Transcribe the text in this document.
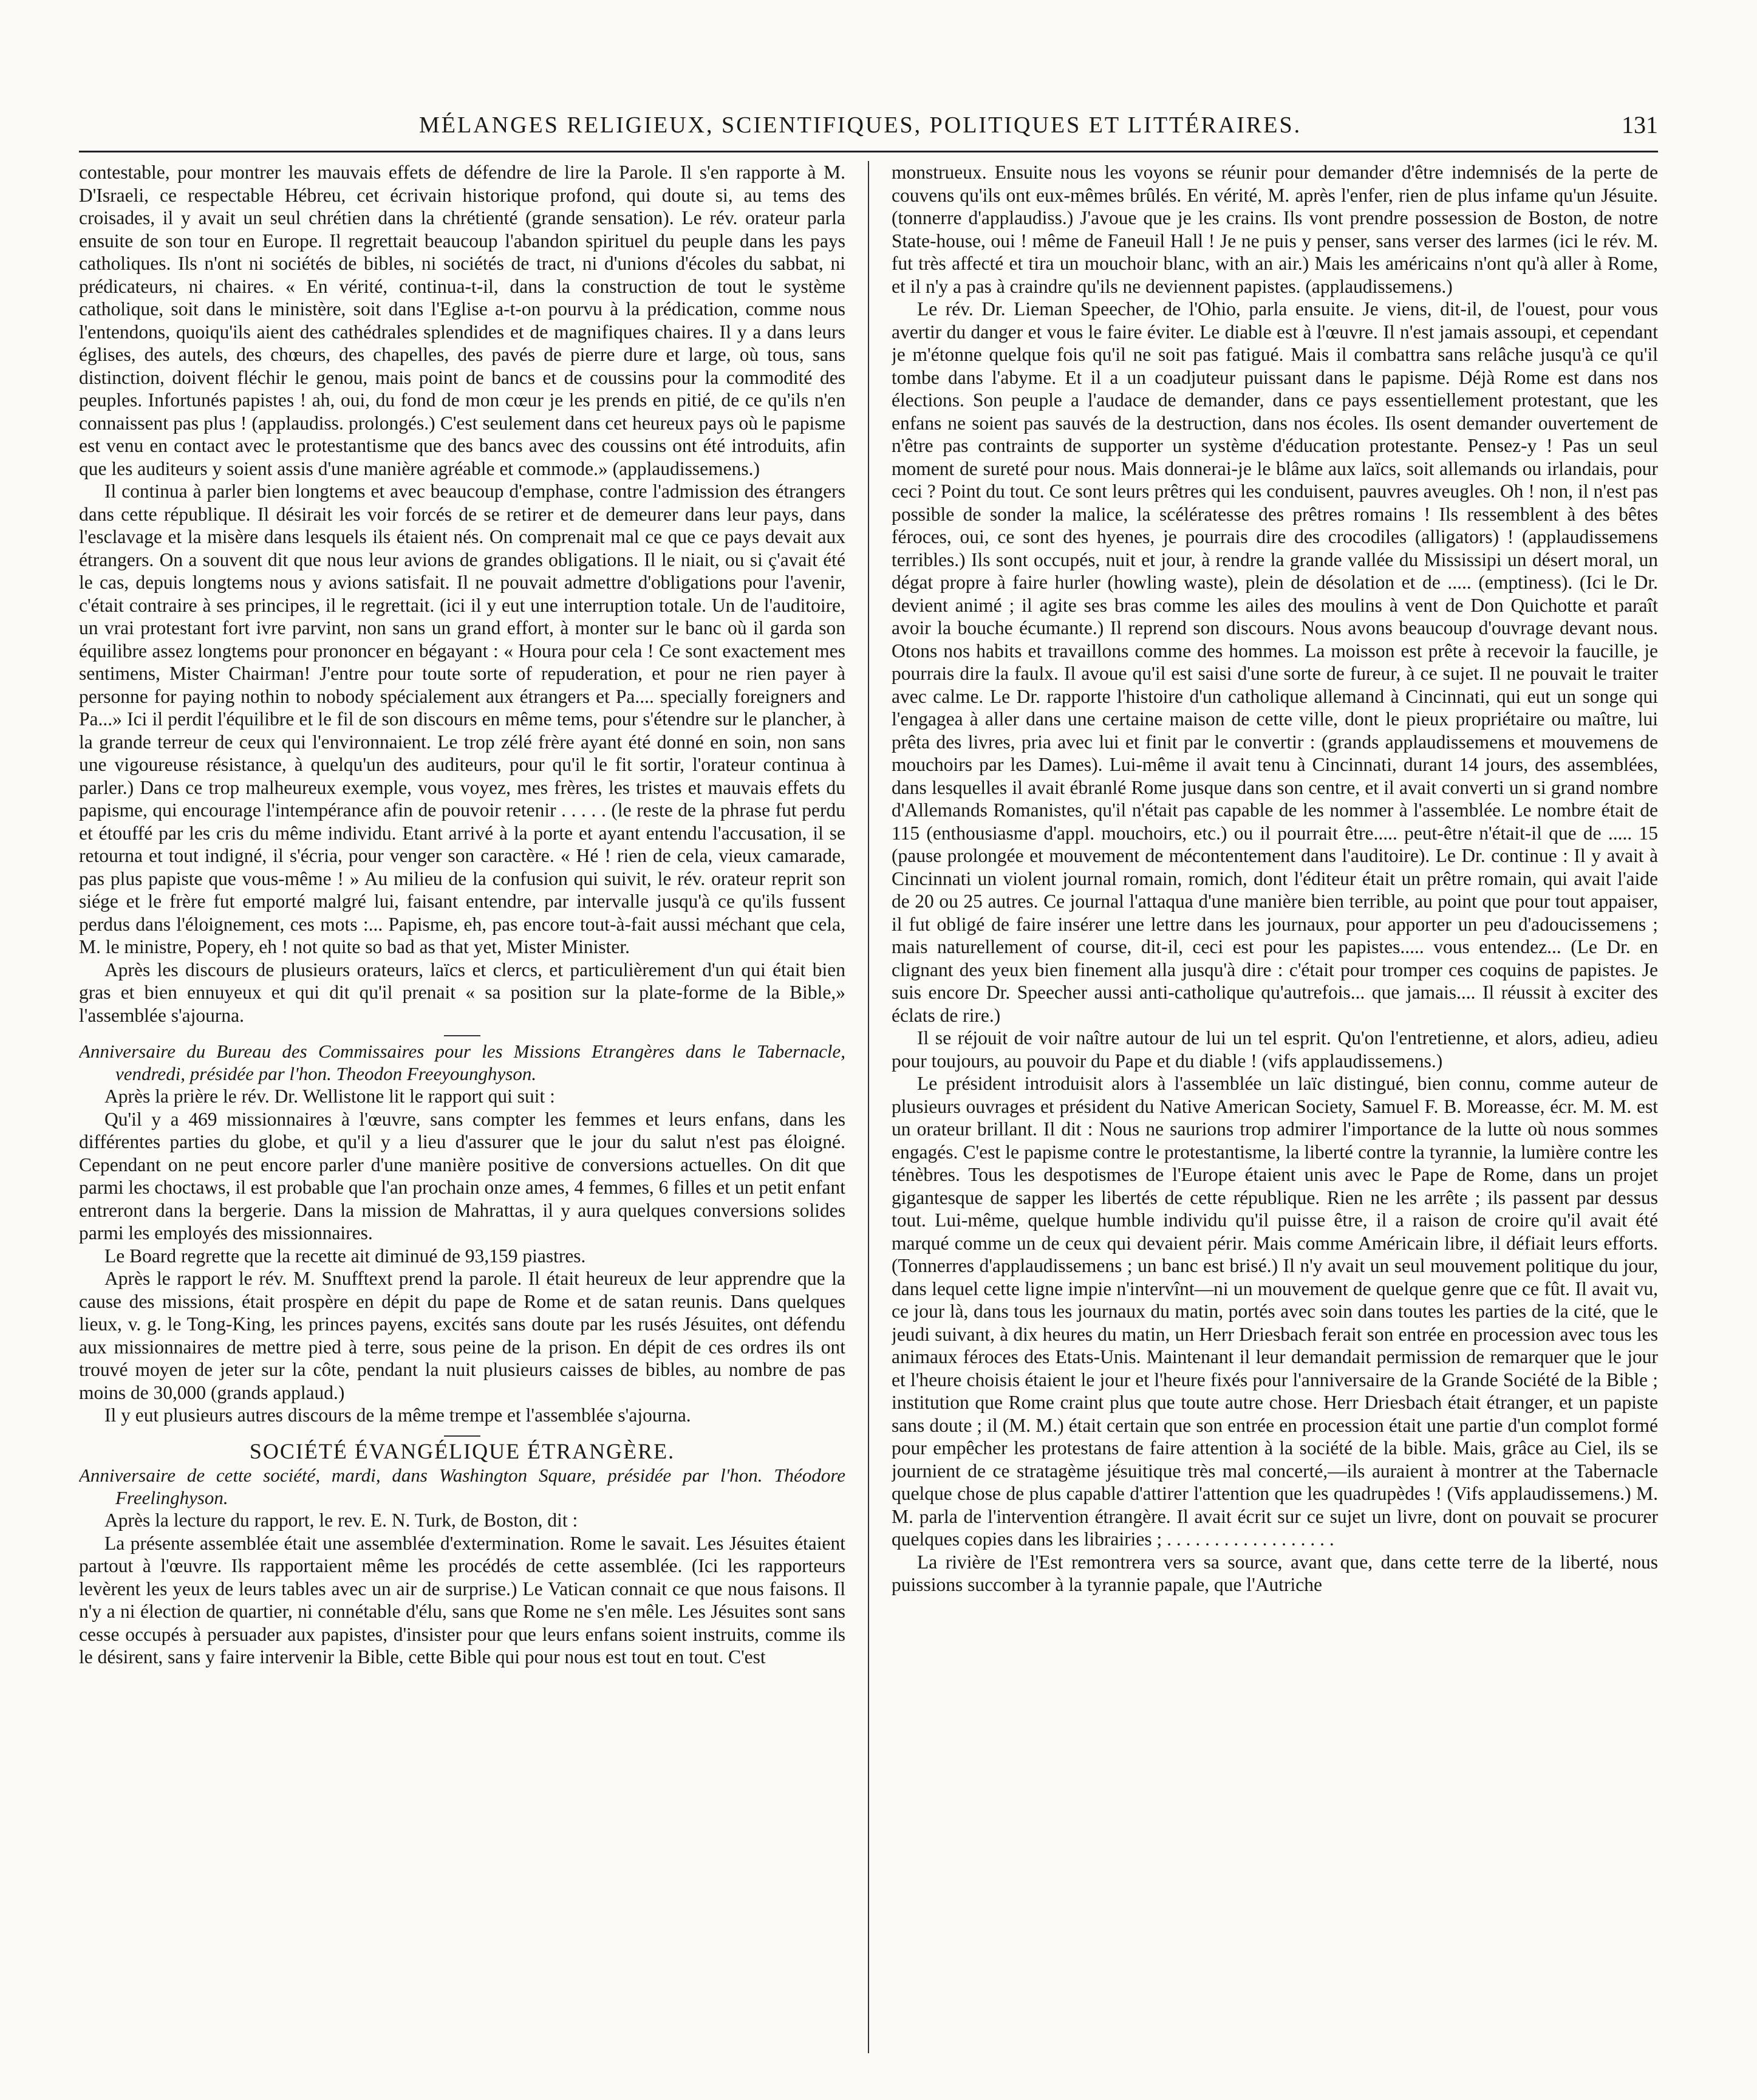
MÉLANGES RELIGIEUX, SCIENTIFIQUES, POLITIQUES ET LITTÉRAIRES.	131

contestable, pour montrer les mauvais effets de défendre de lire la Parole. Il s'en rapporte à M. D'Israeli, ce respectable Hébreu, cet écrivain historique profond, qui doute si, au tems des croisades, il y avait un seul chrétien dans la chrétienté (grande sensation). Le rév. orateur parla ensuite de son tour en Europe. Il regrettait beaucoup l'abandon spirituel du peuple dans les pays catholiques. Ils n'ont ni sociétés de bibles, ni sociétés de tract, ni d'unions d'écoles du sabbat, ni prédicateurs, ni chaires. « En vérité, continua-t-il, dans la construction de tout le système catholique, soit dans le ministère, soit dans l'Eglise a-t-on pourvu à la prédication, comme nous l'entendons, quoiqu'ils aient des cathédrales splendides et de magnifiques chaires. Il y a dans leurs églises, des autels, des chœurs, des chapelles, des pavés de pierre dure et large, où tous, sans distinction, doivent fléchir le genou, mais point de bancs et de coussins pour la commodité des peuples. Infortunés papistes ! ah, oui, du fond de mon cœur je les prends en pitié, de ce qu'ils n'en connaissent pas plus ! (applaudiss. prolongés.) C'est seulement dans cet heureux pays où le papisme est venu en contact avec le protestantisme que des bancs avec des coussins ont été introduits, afin que les auditeurs y soient assis d'une manière agréable et commode.» (applaudissemens.)

Il continua à parler bien longtems et avec beaucoup d'emphase, contre l'admission des étrangers dans cette république. Il désirait les voir forcés de se retirer et de demeurer dans leur pays, dans l'esclavage et la misère dans lesquels ils étaient nés. On comprenait mal ce que ce pays devait aux étrangers. On a souvent dit que nous leur avions de grandes obligations. Il le niait, ou si ç'avait été le cas, depuis longtems nous y avions satisfait. Il ne pouvait admettre d'obligations pour l'avenir, c'était contraire à ses principes, il le regrettait. (ici il y eut une interruption totale. Un de l'auditoire, un vrai protestant fort ivre parvint, non sans un grand effort, à monter sur le banc où il garda son équilibre assez longtems pour prononcer en bégayant : « Houra pour cela ! Ce sont exactement mes sentimens, Mister Chairman! J'entre pour toute sorte of repuderation, et pour ne rien payer à personne for paying nothin to nobody spécialement aux étrangers et Pa.... specially foreigners and Pa...» Ici il perdit l'équilibre et le fil de son discours en même tems, pour s'étendre sur le plancher, à la grande terreur de ceux qui l'environnaient. Le trop zélé frère ayant été donné en soin, non sans une vigoureuse résistance, à quelqu'un des auditeurs, pour qu'il le fit sortir, l'orateur continua à parler.) Dans ce trop malheureux exemple, vous voyez, mes frères, les tristes et mauvais effets du papisme, qui encourage l'intempérance afin de pouvoir retenir . . . . . (le reste de la phrase fut perdu et étouffé par les cris du même individu. Etant arrivé à la porte et ayant entendu l'accusation, il se retourna et tout indigné, il s'écria, pour venger son caractère. « Hé ! rien de cela, vieux camarade, pas plus papiste que vous-même ! » Au milieu de la confusion qui suivit, le rév. orateur reprit son siége et le frère fut emporté malgré lui, faisant entendre, par intervalle jusqu'à ce qu'ils fussent perdus dans l'éloignement, ces mots :... Papisme, eh, pas encore tout-à-fait aussi méchant que cela, M. le ministre, Popery, eh ! not quite so bad as that yet, Mister Minister.

Après les discours de plusieurs orateurs, laïcs et clercs, et particulièrement d'un qui était bien gras et bien ennuyeux et qui dit qu'il prenait « sa position sur la plate-forme de la Bible,» l'assemblée s'ajourna.

Anniversaire du Bureau des Commissaires pour les Missions Etrangères dans le Tabernacle, vendredi, présidée par l'hon. Theodon Freeyounghyson.

Après la prière le rév. Dr. Wellistone lit le rapport qui suit :

Qu'il y a 469 missionnaires à l'œuvre, sans compter les femmes et leurs enfans, dans les différentes parties du globe, et qu'il y a lieu d'assurer que le jour du salut n'est pas éloigné. Cependant on ne peut encore parler d'une manière positive de conversions actuelles. On dit que parmi les choctaws, il est probable que l'an prochain onze ames, 4 femmes, 6 filles et un petit enfant entreront dans la bergerie. Dans la mission de Mahrattas, il y aura quelques conversions solides parmi les employés des missionnaires.

Le Board regrette que la recette ait diminué de 93,159 piastres.

Après le rapport le rév. M. Snufftext prend la parole. Il était heureux de leur apprendre que la cause des missions, était prospère en dépit du pape de Rome et de satan reunis. Dans quelques lieux, v. g. le Tong-King, les princes payens, excités sans doute par les rusés Jésuites, ont défendu aux missionnaires de mettre pied à terre, sous peine de la prison. En dépit de ces ordres ils ont trouvé moyen de jeter sur la côte, pendant la nuit plusieurs caisses de bibles, au nombre de pas moins de 30,000 (grands applaud.)

Il y eut plusieurs autres discours de la même trempe et l'assemblée s'ajourna.

SOCIÉTÉ ÉVANGÉLIQUE ÉTRANGÈRE.

Anniversaire de cette société, mardi, dans Washington Square, présidée par l'hon. Théodore Freelinghyson.

Après la lecture du rapport, le rev. E. N. Turk, de Boston, dit :

La présente assemblée était une assemblée d'extermination. Rome le savait. Les Jésuites étaient partout à l'œuvre. Ils rapportaient même les procédés de cette assemblée. (Ici les rapporteurs levèrent les yeux de leurs tables avec un air de surprise.) Le Vatican connait ce que nous faisons. Il n'y a ni élection de quartier, ni connétable d'élu, sans que Rome ne s'en mêle. Les Jésuites sont sans cesse occupés à persuader aux papistes, d'insister pour que leurs enfans soient instruits, comme ils le désirent, sans y faire intervenir la Bible, cette Bible qui pour nous est tout en tout. C'est

monstrueux. Ensuite nous les voyons se réunir pour demander d'être indemnisés de la perte de couvens qu'ils ont eux-mêmes brûlés. En vérité, M. après l'enfer, rien de plus infame qu'un Jésuite. (tonnerre d'applaudiss.) J'avoue que je les crains. Ils vont prendre possession de Boston, de notre State-house, oui ! même de Faneuil Hall ! Je ne puis y penser, sans verser des larmes (ici le rév. M. fut très affecté et tira un mouchoir blanc, with an air.) Mais les américains n'ont qu'à aller à Rome, et il n'y a pas à craindre qu'ils ne deviennent papistes. (applaudissemens.)

Le rév. Dr. Lieman Speecher, de l'Ohio, parla ensuite. Je viens, dit-il, de l'ouest, pour vous avertir du danger et vous le faire éviter. Le diable est à l'œuvre. Il n'est jamais assoupi, et cependant je m'étonne quelque fois qu'il ne soit pas fatigué. Mais il combattra sans relâche jusqu'à ce qu'il tombe dans l'abyme. Et il a un coadjuteur puissant dans le papisme. Déjà Rome est dans nos élections. Son peuple a l'audace de demander, dans ce pays essentiellement protestant, que les enfans ne soient pas sauvés de la destruction, dans nos écoles. Ils osent demander ouvertement de n'être pas contraints de supporter un système d'éducation protestante. Pensez-y ! Pas un seul moment de sureté pour nous. Mais donnerai-je le blâme aux laïcs, soit allemands ou irlandais, pour ceci ? Point du tout. Ce sont leurs prêtres qui les conduisent, pauvres aveugles. Oh ! non, il n'est pas possible de sonder la malice, la scélératesse des prêtres romains ! Ils ressemblent à des bêtes féroces, oui, ce sont des hyenes, je pourrais dire des crocodiles (alligators) ! (applaudissemens terribles.) Ils sont occupés, nuit et jour, à rendre la grande vallée du Mississipi un désert moral, un dégat propre à faire hurler (howling waste), plein de désolation et de ..... (emptiness). (Ici le Dr. devient animé ; il agite ses bras comme les ailes des moulins à vent de Don Quichotte et paraît avoir la bouche écumante.) Il reprend son discours. Nous avons beaucoup d'ouvrage devant nous. Otons nos habits et travaillons comme des hommes. La moisson est prête à recevoir la faucille, je pourrais dire la faulx. Il avoue qu'il est saisi d'une sorte de fureur, à ce sujet. Il ne pouvait le traiter avec calme. Le Dr. rapporte l'histoire d'un catholique allemand à Cincinnati, qui eut un songe qui l'engagea à aller dans une certaine maison de cette ville, dont le pieux propriétaire ou maître, lui prêta des livres, pria avec lui et finit par le convertir : (grands applaudissemens et mouvemens de mouchoirs par les Dames). Lui-même il avait tenu à Cincinnati, durant 14 jours, des assemblées, dans lesquelles il avait ébranlé Rome jusque dans son centre, et il avait converti un si grand nombre d'Allemands Romanistes, qu'il n'était pas capable de les nommer à l'assemblée. Le nombre était de 115 (enthousiasme d'appl. mouchoirs, etc.) ou il pourrait être..... peut-être n'était-il que de ..... 15 (pause prolongée et mouvement de mécontentement dans l'auditoire). Le Dr. continue : Il y avait à Cincinnati un violent journal romain, romich, dont l'éditeur était un prêtre romain, qui avait l'aide de 20 ou 25 autres. Ce journal l'attaqua d'une manière bien terrible, au point que pour tout appaiser, il fut obligé de faire insérer une lettre dans les journaux, pour apporter un peu d'adoucissemens ; mais naturellement of course, dit-il, ceci est pour les papistes..... vous entendez... (Le Dr. en clignant des yeux bien finement alla jusqu'à dire : c'était pour tromper ces coquins de papistes. Je suis encore Dr. Speecher aussi anti-catholique qu'autrefois... que jamais.... Il réussit à exciter des éclats de rire.)

Il se réjouit de voir naître autour de lui un tel esprit. Qu'on l'entretienne, et alors, adieu, adieu pour toujours, au pouvoir du Pape et du diable ! (vifs applaudissemens.)

Le président introduisit alors à l'assemblée un laïc distingué, bien connu, comme auteur de plusieurs ouvrages et président du Native American Society, Samuel F. B. Moreasse, écr. M. M. est un orateur brillant. Il dit : Nous ne saurions trop admirer l'importance de la lutte où nous sommes engagés. C'est le papisme contre le protestantisme, la liberté contre la tyrannie, la lumière contre les ténèbres. Tous les despotismes de l'Europe étaient unis avec le Pape de Rome, dans un projet gigantesque de sapper les libertés de cette république. Rien ne les arrête ; ils passent par dessus tout. Lui-même, quelque humble individu qu'il puisse être, il a raison de croire qu'il avait été marqué comme un de ceux qui devaient périr. Mais comme Américain libre, il défiait leurs efforts. (Tonnerres d'applaudissemens ; un banc est brisé.) Il n'y avait un seul mouvement politique du jour, dans lequel cette ligne impie n'intervînt—ni un mouvement de quelque genre que ce fût. Il avait vu, ce jour là, dans tous les journaux du matin, portés avec soin dans toutes les parties de la cité, que le jeudi suivant, à dix heures du matin, un Herr Driesbach ferait son entrée en procession avec tous les animaux féroces des Etats-Unis. Maintenant il leur demandait permission de remarquer que le jour et l'heure choisis étaient le jour et l'heure fixés pour l'anniversaire de la Grande Société de la Bible ; institution que Rome craint plus que toute autre chose. Herr Driesbach était étranger, et un papiste sans doute ; il (M. M.) était certain que son entrée en procession était une partie d'un complot formé pour empêcher les protestans de faire attention à la société de la bible. Mais, grâce au Ciel, ils se journient de ce stratagème jésuitique très mal concerté,—ils auraient à montrer at the Tabernacle quelque chose de plus capable d'attirer l'attention que les quadrupèdes ! (Vifs applaudissemens.) M. M. parla de l'intervention étrangère. Il avait écrit sur ce sujet un livre, dont on pouvait se procurer quelques copies dans les librairies ; . . . . . . . . . . . . . . . . . .

La rivière de l'Est remontrera vers sa source, avant que, dans cette terre de la liberté, nous puissions succomber à la tyrannie papale, que l'Autriche
